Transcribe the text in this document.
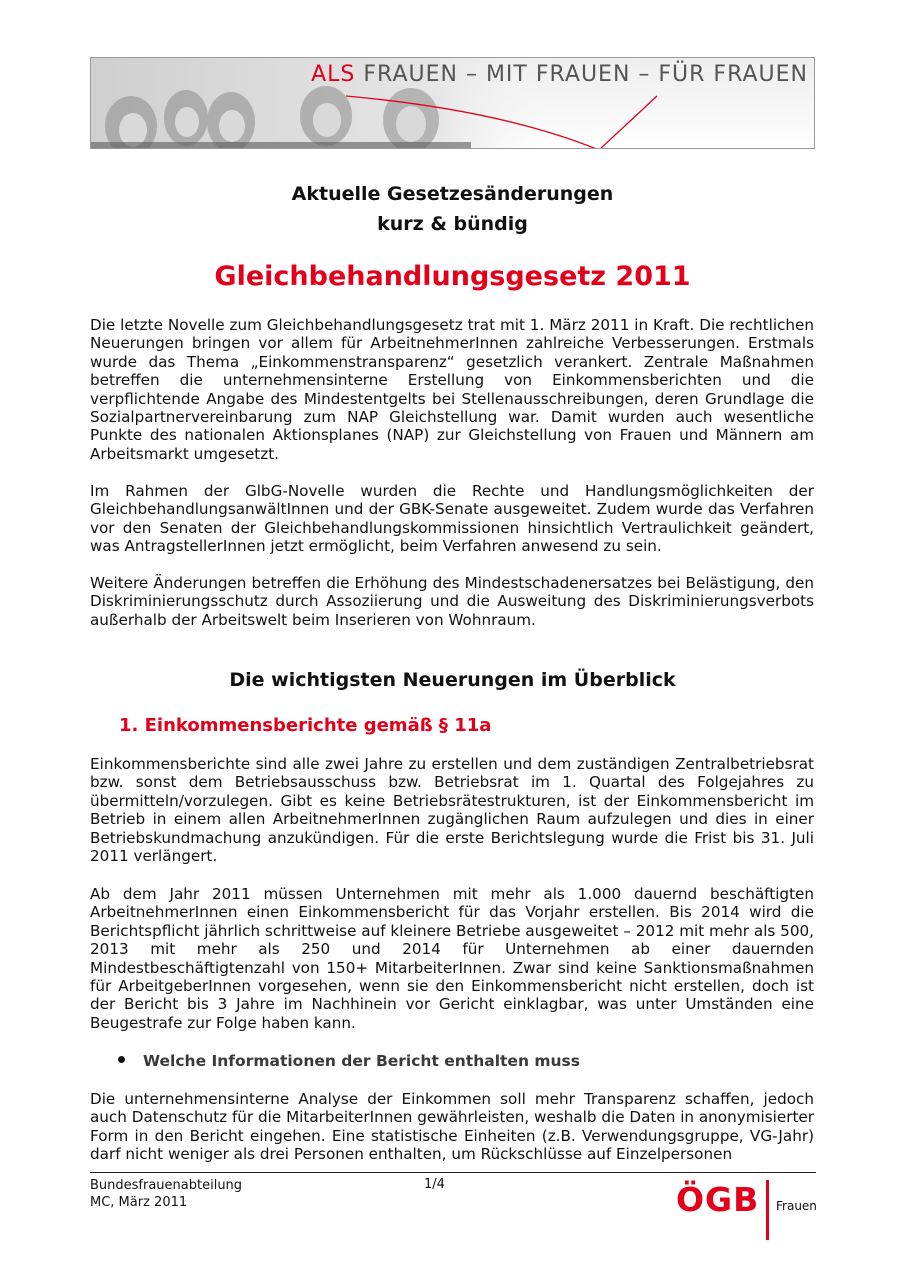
ALS FRAUEN – MIT FRAUEN – FÜR FRAUEN
Aktuelle Gesetzesänderungen
kurz & bündig
Gleichbehandlungsgesetz 2011
Die letzte Novelle zum Gleichbehandlungsgesetz trat mit 1. März 2011 in Kraft. Die rechtlichen Neuerungen bringen vor allem für ArbeitnehmerInnen zahlreiche Verbesserungen. Erstmals wurde das Thema „Einkommenstransparenz“ gesetzlich verankert. Zentrale Maßnahmen betreffen die unternehmensinterne Erstellung von Einkommensberichten und die verpflichtende Angabe des Mindestentgelts bei Stellenausschreibungen, deren Grundlage die Sozialpartnervereinbarung zum NAP Gleichstellung war. Damit wurden auch wesentliche Punkte des nationalen Aktionsplanes (NAP) zur Gleichstellung von Frauen und Männern am Arbeitsmarkt umgesetzt.
Im Rahmen der GlbG-Novelle wurden die Rechte und Handlungsmöglichkeiten der GleichbehandlungsanwältInnen und der GBK-Senate ausgeweitet. Zudem wurde das Verfahren vor den Senaten der Gleichbehandlungskommissionen hinsichtlich Vertraulichkeit geändert, was AntragstellerInnen jetzt ermöglicht, beim Verfahren anwesend zu sein.
Weitere Änderungen betreffen die Erhöhung des Mindestschadenersatzes bei Belästigung, den Diskriminierungsschutz durch Assoziierung und die Ausweitung des Diskriminierungsverbots außerhalb der Arbeitswelt beim Inserieren von Wohnraum.
Die wichtigsten Neuerungen im Überblick
1. Einkommensberichte gemäß § 11a
Einkommensberichte sind alle zwei Jahre zu erstellen und dem zuständigen Zentralbetriebsrat bzw. sonst dem Betriebsausschuss bzw. Betriebsrat im 1. Quartal des Folgejahres zu übermitteln/vorzulegen. Gibt es keine Betriebsrätestrukturen, ist der Einkommensbericht im Betrieb in einem allen ArbeitnehmerInnen zugänglichen Raum aufzulegen und dies in einer Betriebskundmachung anzukündigen. Für die erste Berichtslegung wurde die Frist bis 31. Juli 2011 verlängert.
Ab dem Jahr 2011 müssen Unternehmen mit mehr als 1.000 dauernd beschäftigten ArbeitnehmerInnen einen Einkommensbericht für das Vorjahr erstellen. Bis 2014 wird die Berichtspflicht jährlich schrittweise auf kleinere Betriebe ausgeweitet – 2012 mit mehr als 500, 2013 mit mehr als 250 und 2014 für Unternehmen ab einer dauernden Mindestbeschäftigtenzahl von 150+ MitarbeiterInnen. Zwar sind keine Sanktionsmaßnahmen für ArbeitgeberInnen vorgesehen, wenn sie den Einkommensbericht nicht erstellen, doch ist der Bericht bis 3 Jahre im Nachhinein vor Gericht einklagbar, was unter Umständen eine Beugestrafe zur Folge haben kann.
Welche Informationen der Bericht enthalten muss
Die unternehmensinterne Analyse der Einkommen soll mehr Transparenz schaffen, jedoch auch Datenschutz für die MitarbeiterInnen gewährleisten, weshalb die Daten in anonymisierter Form in den Bericht eingehen. Eine statistische Einheiten (z.B. Verwendungsgruppe, VG-Jahr) darf nicht weniger als drei Personen enthalten, um Rückschlüsse auf Einzelpersonen
Bundesfrauenabteilung
MC, März 2011
1/4	ÖGB Frauen
